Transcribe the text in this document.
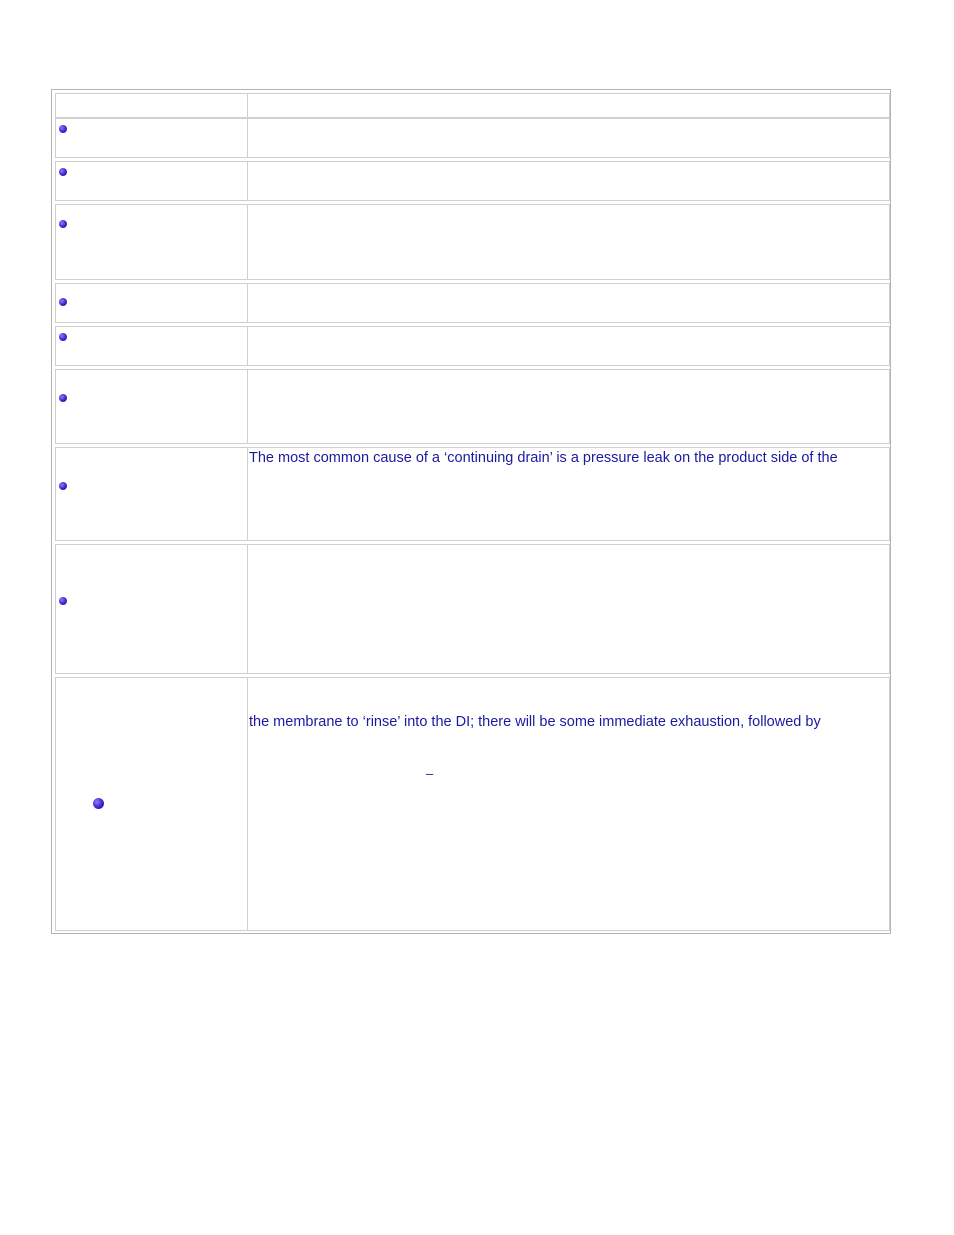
The most common cause of a ‘continuing drain’ is a pressure leak on the product side of the
the membrane to ‘rinse’ into the DI; there will be some immediate exhaustion, followed by
–
